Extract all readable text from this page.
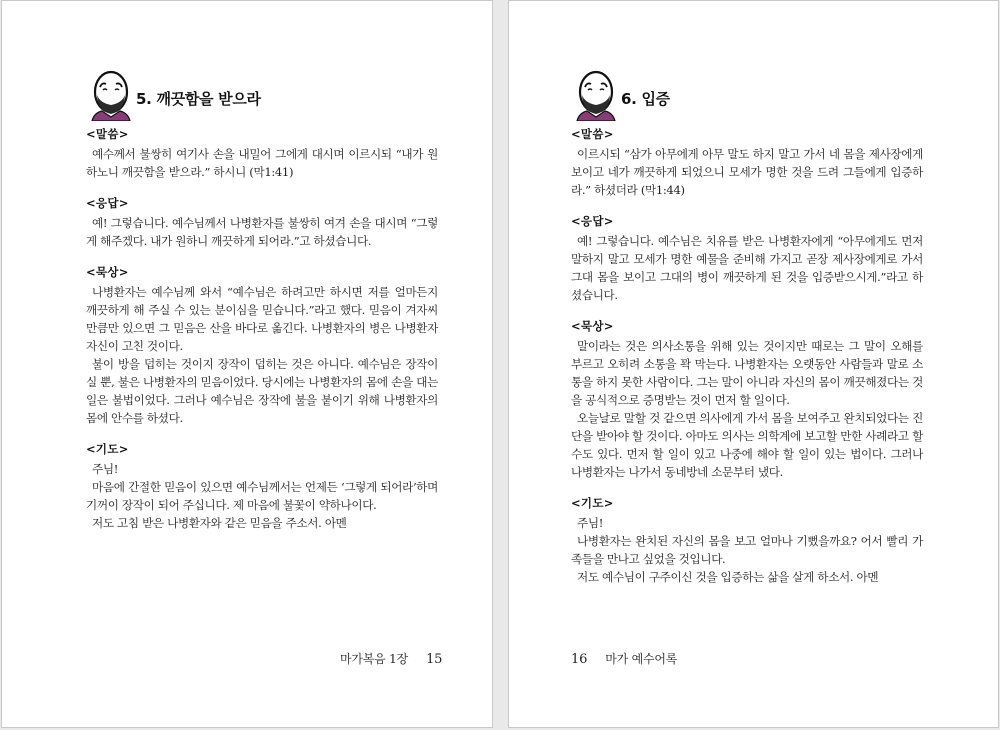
5. 깨끗함을 받으라
<말씀>

예수께서 불쌍히 여기사 손을 내밀어 그에게 대시며 이르시되 “내가 원하노니 깨끗함을 받으라.” 하시니 (막1:41)

<응답>

예! 그렇습니다. 예수님께서 나병환자를 불쌍히 여겨 손을 대시며 “그렇게 해주겠다. 내가 원하니 깨끗하게 되어라.”고 하셨습니다.

<묵상>

나병환자는 예수님께 와서 “예수님은 하려고만 하시면 저를 얼마든지 깨끗하게 해 주실 수 있는 분이심을 믿습니다.”라고 했다. 믿음이 겨자씨만큼만 있으면 그 믿음은 산을 바다로 옮긴다. 나병환자의 병은 나병환자 자신이 고친 것이다.

불이 방을 덥히는 것이지 장작이 덥히는 것은 아니다. 예수님은 장작이실 뿐, 불은 나병환자의 믿음이었다. 당시에는 나병환자의 몸에 손을 대는 일은 불법이었다. 그러나 예수님은 장작에 불을 붙이기 위해 나병환자의 몸에 안수를 하셨다.

<기도>

주님!

마음에 간절한 믿음이 있으면 예수님께서는 언제든 ‘그렇게 되어라’하며 기꺼이 장작이 되어 주십니다. 제 마음에 불꽃이 약하나이다.

저도 고침 받은 나병환자와 같은 믿음을 주소서. 아멘

마가복음 1장 15
6. 입증
<말씀>

이르시되 “삼가 아무에게 아무 말도 하지 말고 가서 네 몸을 제사장에게 보이고 네가 깨끗하게 되었으니 모세가 명한 것을 드려 그들에게 입증하라.” 하셨더라 (막1:44)

<응답>

예! 그렇습니다. 예수님은 치유를 받은 나병환자에게 “아무에게도 먼저 말하지 말고 모세가 명한 예물을 준비해 가지고 곧장 제사장에게로 가서 그대 몸을 보이고 그대의 병이 깨끗하게 된 것을 입증받으시게.”라고 하셨습니다.

<묵상>

말이라는 것은 의사소통을 위해 있는 것이지만 때로는 그 말이 오해를 부르고 오히려 소통을 꽉 막는다. 나병환자는 오랫동안 사람들과 말로 소통을 하지 못한 사람이다. 그는 말이 아니라 자신의 몸이 깨끗해졌다는 것을 공식적으로 증명받는 것이 먼저 할 일이다.

오늘날로 말할 것 같으면 의사에게 가서 몸을 보여주고 완치되었다는 진단을 받아야 할 것이다. 아마도 의사는 의학계에 보고할 만한 사례라고 할 수도 있다. 먼저 할 일이 있고 나중에 해야 할 일이 있는 법이다. 그러나 나병환자는 나가서 동네방네 소문부터 냈다.

<기도>

주님!

나병환자는 완치된 자신의 몸을 보고 얼마나 기뻤을까요? 어서 빨리 가족들을 만나고 싶었을 것입니다.

저도 예수님이 구주이신 것을 입증하는 삶을 살게 하소서. 아멘

16 마가 예수어록
